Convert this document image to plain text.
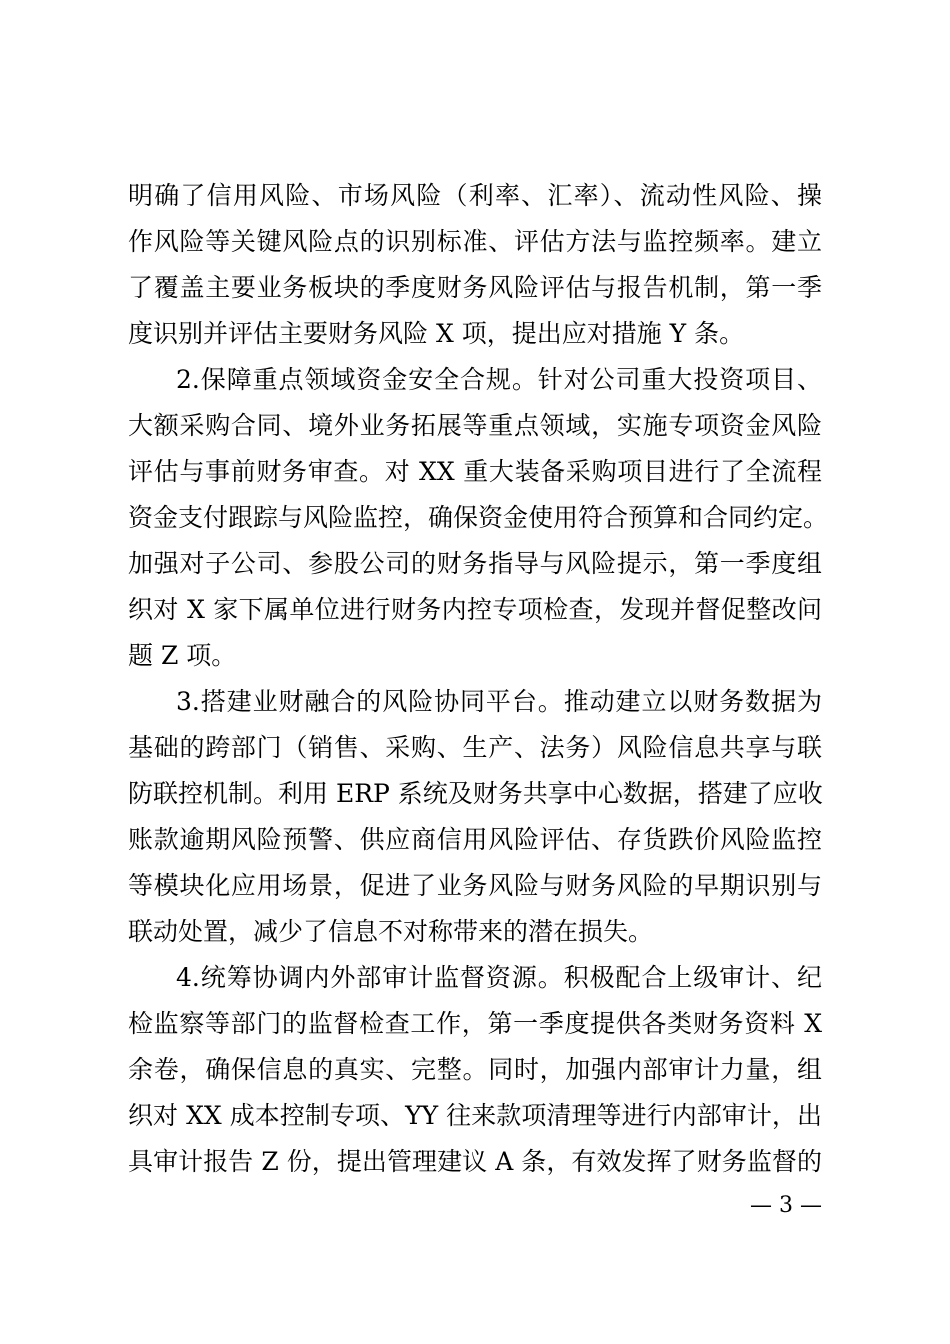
明确了信用风险、市场风险（利率、汇率）、流动性风险、操
作风险等关键风险点的识别标准、评估方法与监控频率。建立
了覆盖主要业务板块的季度财务风险评估与报告机制，第一季
度识别并评估主要财务风险 X 项，提出应对措施 Y 条。
2.保障重点领域资金安全合规。针对公司重大投资项目、
大额采购合同、境外业务拓展等重点领域，实施专项资金风险
评估与事前财务审查。对 XX 重大装备采购项目进行了全流程
资金支付跟踪与风险监控，确保资金使用符合预算和合同约定。
加强对子公司、参股公司的财务指导与风险提示，第一季度组
织对 X 家下属单位进行财务内控专项检查，发现并督促整改问
题 Z 项。
3.搭建业财融合的风险协同平台。推动建立以财务数据为
基础的跨部门（销售、采购、生产、法务）风险信息共享与联
防联控机制。利用 ERP 系统及财务共享中心数据，搭建了应收
账款逾期风险预警、供应商信用风险评估、存货跌价风险监控
等模块化应用场景，促进了业务风险与财务风险的早期识别与
联动处置，减少了信息不对称带来的潜在损失。
4.统筹协调内外部审计监督资源。积极配合上级审计、纪
检监察等部门的监督检查工作，第一季度提供各类财务资料 X
余卷，确保信息的真实、完整。同时，加强内部审计力量，组
织对 XX 成本控制专项、YY 往来款项清理等进行内部审计，出
具审计报告 Z 份，提出管理建议 A 条，有效发挥了财务监督的
— 3 —
